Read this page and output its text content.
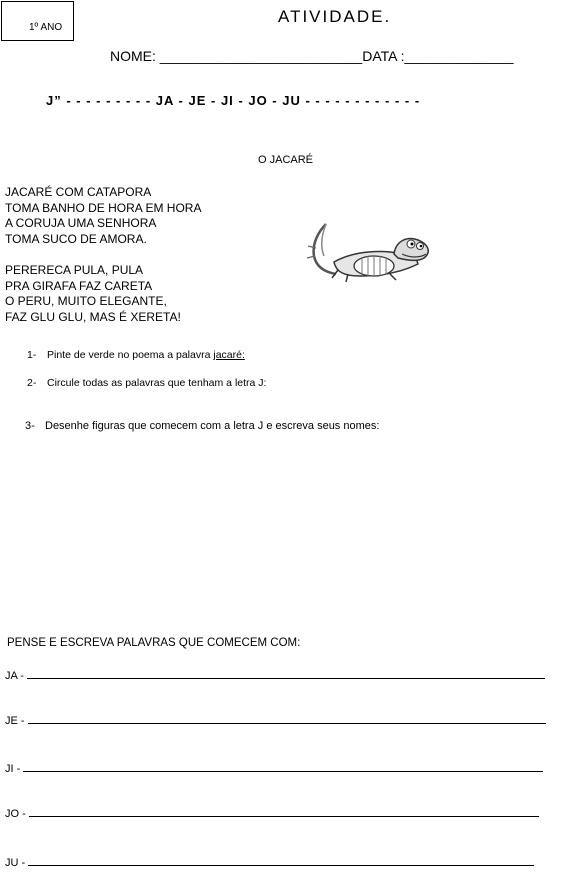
1º ANO
ATIVIDADE.
NOME: __________________________DATA :______________
J” - - - - - - - - - JA - JE - JI - JO - JU - - - - - - - - - - - -
O JACARÉ
JACARÉ COM CATAPORA
TOMA BANHO DE HORA EM HORA
A CORUJA UMA SENHORA
TOMA SUCO DE AMORA.
PERERECA PULA, PULA
PRA GIRAFA FAZ CARETA
O PERU, MUITO ELEGANTE,
FAZ GLU GLU, MAS É XERETA!
1- Pinte de verde no poema a palavra jacaré:
2- Circule todas as palavras que tenham a letra J:
3- Desenhe figuras que comecem com a letra J e escreva seus nomes:
PENSE E ESCREVA PALAVRAS QUE COMECEM COM:
JA -
JE -
JI -
JO -
JU -
